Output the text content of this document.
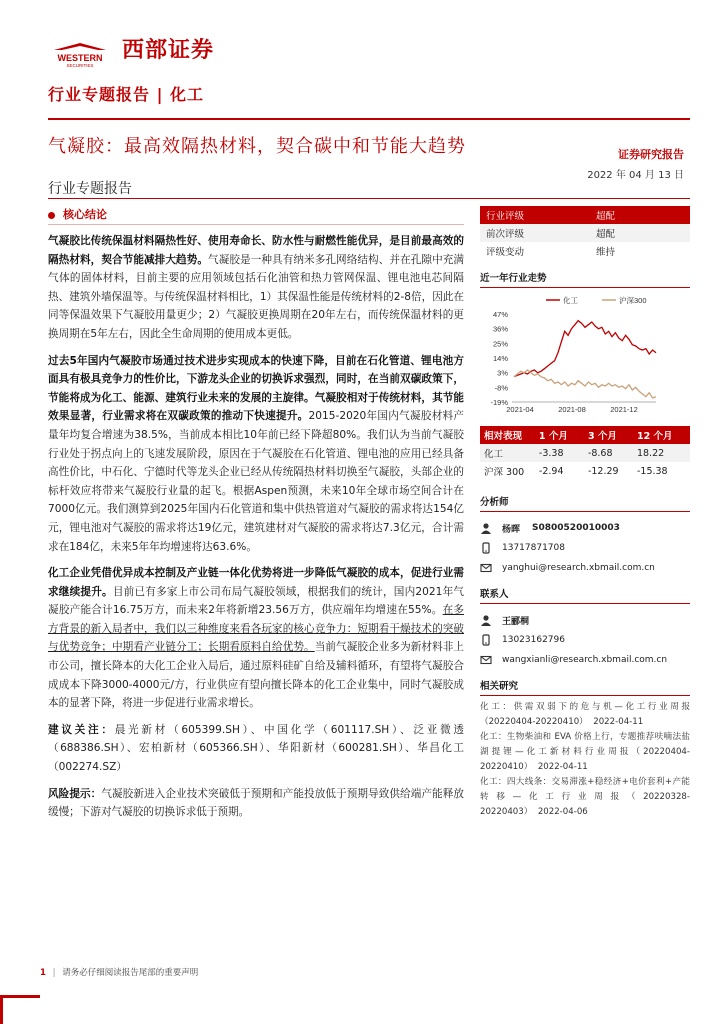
WESTERN
SECURITIES
西部证券
行业专题报告 | 化工
气凝胶：最高效隔热材料，契合碳中和节能大趋势	证券研究报告
2022 年 04 月 13 日
行业专题报告
核心结论

气凝胶比传统保温材料隔热性好、使用寿命长、防水性与耐燃性能优异，是目前最高效的隔热材料，契合节能减排大趋势。气凝胶是一种具有纳米多孔网络结构、并在孔隙中充满气体的固体材料，目前主要的应用领域包括石化油管和热力管网保温、锂电池电芯间隔热、建筑外墙保温等。与传统保温材料相比，1）其保温性能是传统材料的2-8倍，因此在同等保温效果下气凝胶用量更少；2）气凝胶更换周期在20年左右，而传统保温材料的更换周期在5年左右，因此全生命周期的使用成本更低。

过去5年国内气凝胶市场通过技术进步实现成本的快速下降，目前在石化管道、锂电池方面具有极具竞争力的性价比，下游龙头企业的切换诉求强烈，同时，在当前双碳政策下，节能将成为化工、能源、建筑行业未来的发展的主旋律。气凝胶相对于传统材料，其节能效果显著，行业需求将在双碳政策的推动下快速提升。2015-2020年国内气凝胶材料产量年均复合增速为38.5%，当前成本相比10年前已经下降超80%。我们认为当前气凝胶行业处于拐点向上的飞速发展阶段，原因在于气凝胶在石化管道、锂电池的应用已经具备高性价比，中石化、宁德时代等龙头企业已经从传统隔热材料切换至气凝胶，头部企业的标杆效应将带来气凝胶行业量的起飞。根据Aspen预测，未来10年全球市场空间合计在7000亿元。我们测算到2025年国内石化管道和集中供热管道对气凝胶的需求将达154亿元，锂电池对气凝胶的需求将达19亿元，建筑建材对气凝胶的需求将达7.3亿元，合计需求在184亿，未来5年年均增速将达63.6%。

化工企业凭借优异成本控制及产业链一体化优势将进一步降低气凝胶的成本，促进行业需求继续提升。目前已有多家上市公司布局气凝胶领域，根据我们的统计，国内2021年气凝胶产能合计16.75万方，而未来2年将新增23.56万方，供应端年均增速在55%。在多方背景的新入局者中，我们以三种维度来看各玩家的核心竞争力：短期看干燥技术的突破与优势竞争；中期看产业链分工；长期看原料自给优势。当前气凝胶企业多为新材料非上市公司，擅长降本的大化工企业入局后，通过原料硅矿自给及辅料循环，有望将气凝胶合成成本下降3000-4000元/方，行业供应有望向擅长降本的化工企业集中，同时气凝胶成本的显著下降，将进一步促进行业需求增长。

建议关注：晨光新材（605399.SH）、中国化学（601117.SH）、泛亚微透（688386.SH）、宏柏新材（605366.SH）、华阳新材（600281.SH）、华昌化工（002274.SZ）

风险提示：气凝胶新进入企业技术突破低于预期和产能投放低于预期导致供给端产能释放缓慢；下游对气凝胶的切换诉求低于预期。

行业评级	超配
前次评级	超配
评级变动	维持
近一年行业走势
47%
36%
25%
14%
3%
-8%
-19%
2021-04	2021-08	2021-12
化工	沪深300
相对表现	1 个月	3 个月	12 个月
化工	-3.38	-8.68	18.22
沪深 300	-2.94	-12.29	-15.38
分析师
杨晖 S0800520010003
13717871708
yanghui@research.xbmail.com.cn
联系人
王郦桐
13023162796
wangxianli@research.xbmail.com.cn
相关研究
化工：供需双弱下的危与机—化工行业周报（20220404-20220410） 2022-04-11
化工：生物柴油和 EVA 价格上行，专题推荐呋喃法盐湖提锂—化工新材料行业周报（20220404-20220410） 2022-04-11
化工：四大线条：交易滞涨+稳经济+电价套利+产能转移—化工行业周报（20220328-20220403） 2022-04-06
1 | 请务必仔细阅读报告尾部的重要声明
